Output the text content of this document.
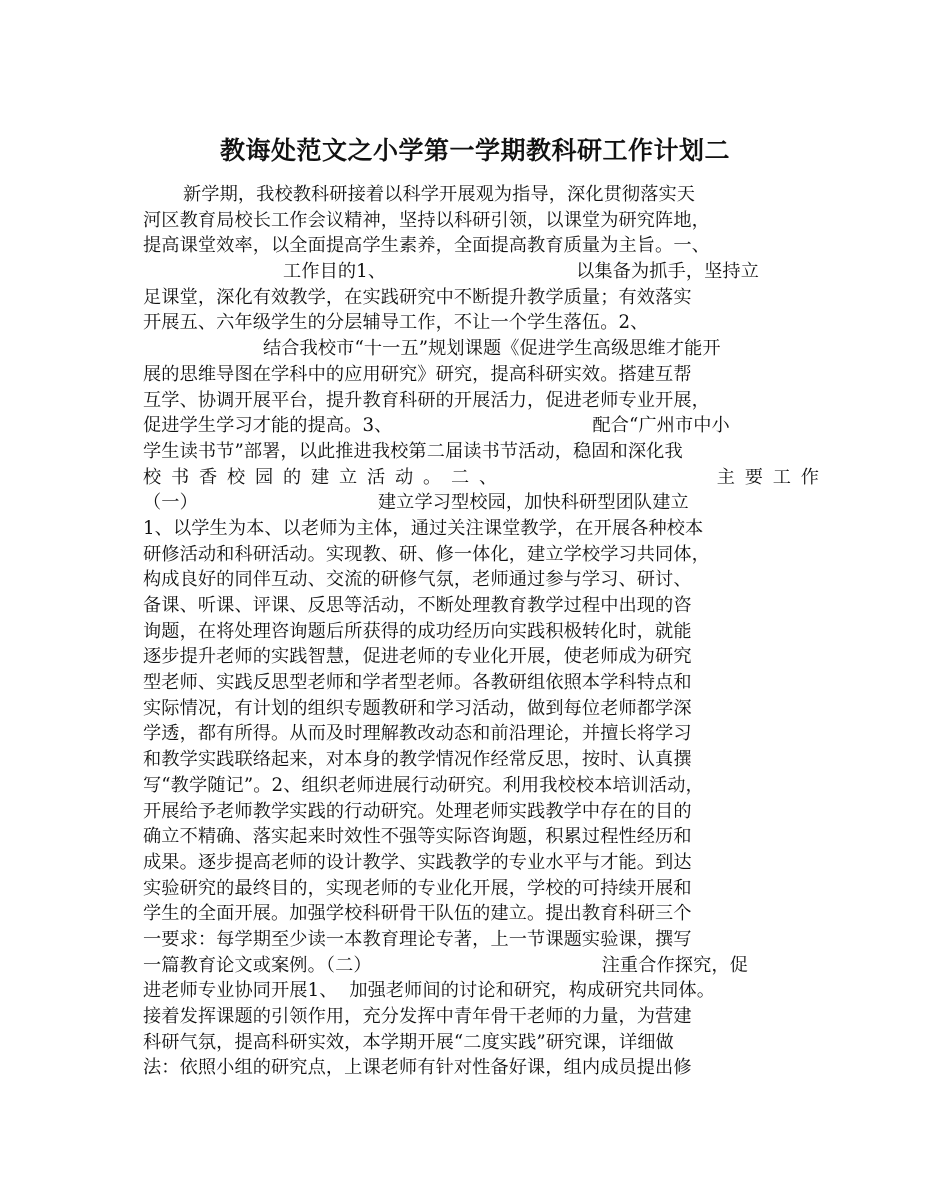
教诲处范文之小学第一学期教科研工作计划二
新学期，我校教科研接着以科学开展观为指导，深化贯彻落实天
河区教育局校长工作会议精神，坚持以科研引领，以课堂为研究阵地，
提高课堂效率，以全面提高学生素养，全面提高教育质量为主旨。一、
工作目的1、	以集备为抓手，坚持立
足课堂，深化有效教学，在实践研究中不断提升教学质量；有效落实
开展五、六年级学生的分层辅导工作，不让一个学生落伍。2、
结合我校市“十一五”规划课题《促进学生高级思维才能开
展的思维导图在学科中的应用研究》研究，提高科研实效。搭建互帮
互学、协调开展平台，提升教育科研的开展活力，促进老师专业开展，
促进学生学习才能的提高。3、	配合“广州市中小
学生读书节”部署，以此推进我校第二届读书节活动，稳固和深化我
校书香校园的建立活动。二、	主要工作
（一）	建立学习型校园，加快科研型团队建立
1、以学生为本、以老师为主体，通过关注课堂教学，在开展各种校本
研修活动和科研活动。实现教、研、修一体化，建立学校学习共同体，
构成良好的同伴互动、交流的研修气氛，老师通过参与学习、研讨、
备课、听课、评课、反思等活动，不断处理教育教学过程中出现的咨
询题，在将处理咨询题后所获得的成功经历向实践积极转化时，就能
逐步提升老师的实践智慧，促进老师的专业化开展，使老师成为研究
型老师、实践反思型老师和学者型老师。各教研组依照本学科特点和
实际情况，有计划的组织专题教研和学习活动，做到每位老师都学深
学透，都有所得。从而及时理解教改动态和前沿理论，并擅长将学习
和教学实践联络起来，对本身的教学情况作经常反思，按时、认真撰
写“教学随记”。2、组织老师进展行动研究。利用我校校本培训活动，
开展给予老师教学实践的行动研究。处理老师实践教学中存在的目的
确立不精确、落实起来时效性不强等实际咨询题，积累过程性经历和
成果。逐步提高老师的设计教学、实践教学的专业水平与才能。到达
实验研究的最终目的，实现老师的专业化开展，学校的可持续开展和
学生的全面开展。加强学校科研骨干队伍的建立。提出教育科研三个
一要求：每学期至少读一本教育理论专著，上一节课题实验课，撰写
一篇教育论文或案例。（二）	注重合作探究，促
进老师专业协同开展1、 加强老师间的讨论和研究，构成研究共同体。
接着发挥课题的引领作用，充分发挥中青年骨干老师的力量，为营建
科研气氛，提高科研实效，本学期开展“二度实践”研究课，详细做
法：依照小组的研究点，上课老师有针对性备好课，组内成员提出修
